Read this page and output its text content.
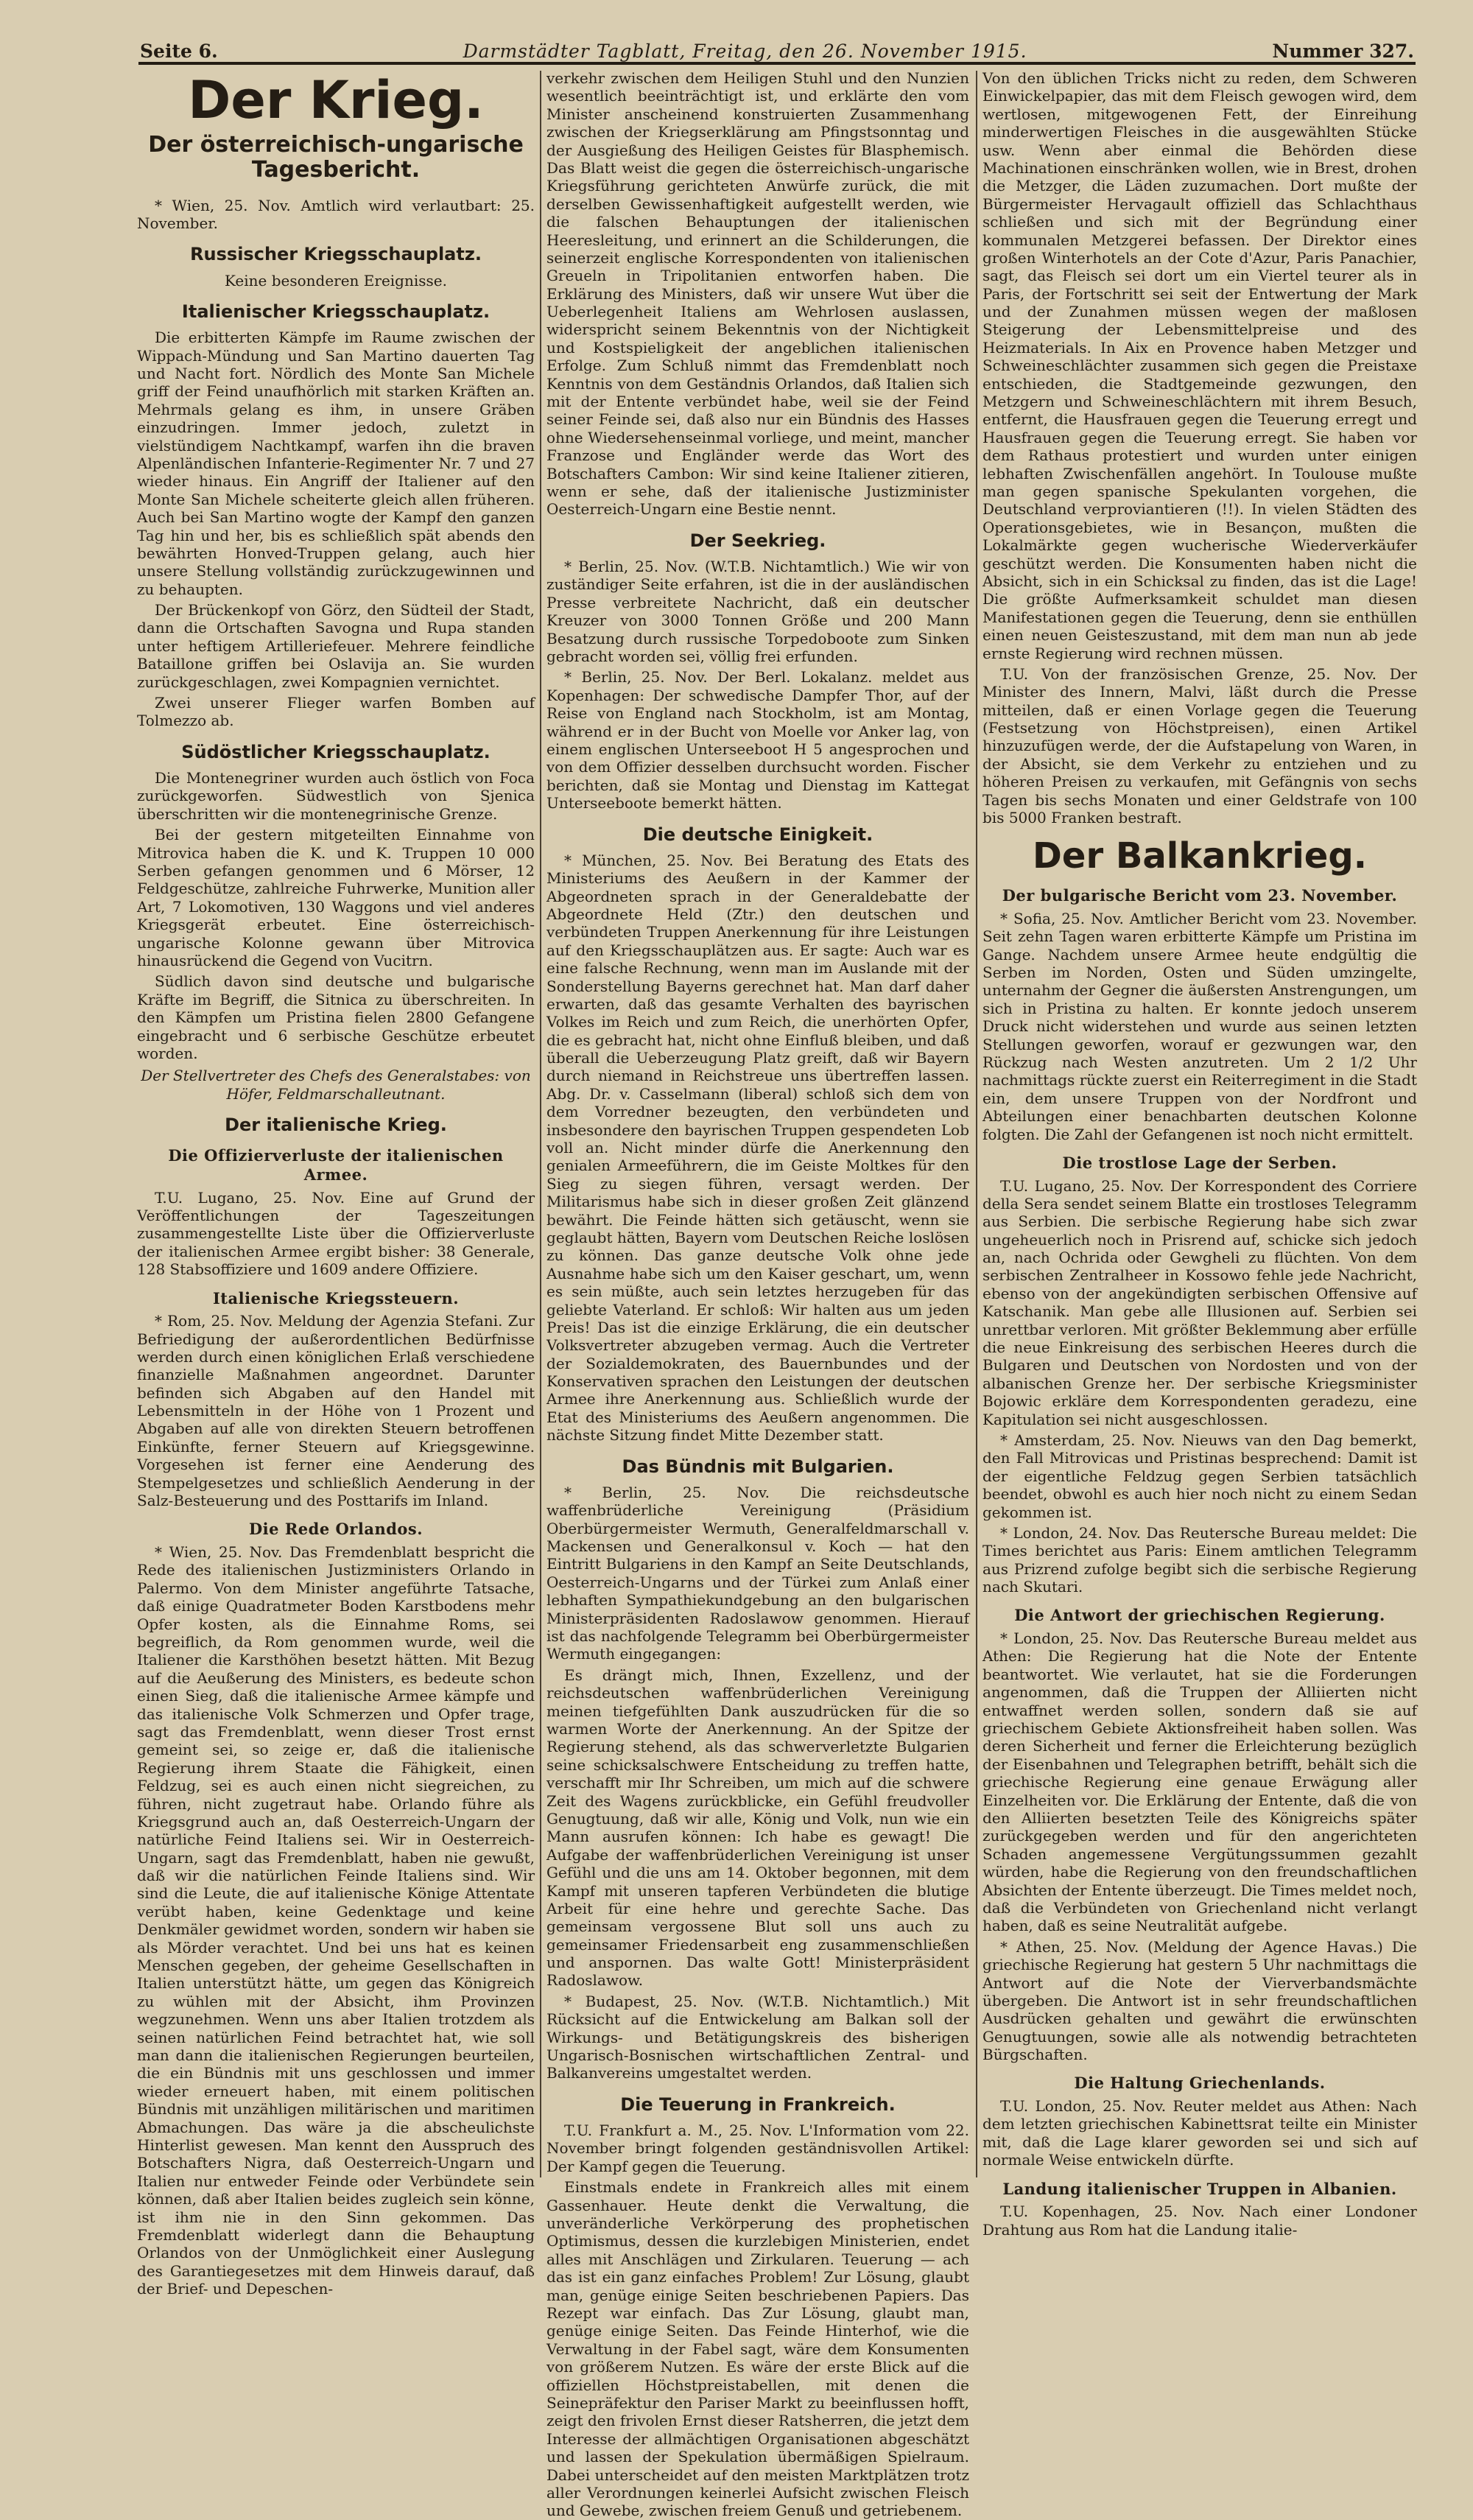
Seite 6.	Darmstädter Tagblatt, Freitag, den 26. November 1915.	Nummer 327.
Der Krieg.
Der österreichisch-ungarische Tagesbericht.

* Wien, 25. Nov. Amtlich wird verlautbart: 25. November.

Russischer Kriegsschauplatz.
Keine besonderen Ereignisse.
Italienischer Kriegsschauplatz.

Die erbitterten Kämpfe im Raume zwischen der Wippach-Mündung und San Martino dauerten Tag und Nacht fort. Nördlich des Monte San Michele griff der Feind unaufhörlich mit starken Kräften an. Mehrmals gelang es ihm, in unsere Gräben einzudringen. Immer jedoch, zuletzt in vielstündigem Nachtkampf, warfen ihn die braven Alpenländischen Infanterie-Regimenter Nr. 7 und 27 wieder hinaus. Ein Angriff der Italiener auf den Monte San Michele scheiterte gleich allen früheren. Auch bei San Martino wogte der Kampf den ganzen Tag hin und her, bis es schließlich spät abends den bewährten Honved-Truppen gelang, auch hier unsere Stellung vollständig zurückzugewinnen und zu behaupten.

Der Brückenkopf von Görz, den Südteil der Stadt, dann die Ortschaften Savogna und Rupa standen unter heftigem Artilleriefeuer. Mehrere feindliche Bataillone griffen bei Oslavija an. Sie wurden zurückgeschlagen, zwei Kompagnien vernichtet.

Zwei unserer Flieger warfen Bomben auf Tolmezzo ab.

Südöstlicher Kriegsschauplatz.

Die Montenegriner wurden auch östlich von Foca zurückgeworfen. Südwestlich von Sjenica überschritten wir die montenegrinische Grenze.

Bei der gestern mitgeteilten Einnahme von Mitrovica haben die K. und K. Truppen 10 000 Serben gefangen genommen und 6 Mörser, 12 Feldgeschütze, zahlreiche Fuhrwerke, Munition aller Art, 7 Lokomotiven, 130 Waggons und viel anderes Kriegsgerät erbeutet. Eine österreichisch-ungarische Kolonne gewann über Mitrovica hinausrückend die Gegend von Vucitrn.

Südlich davon sind deutsche und bulgarische Kräfte im Begriff, die Sitnica zu überschreiten. In den Kämpfen um Pristina fielen 2800 Gefangene eingebracht und 6 serbische Geschütze erbeutet worden.

Der Stellvertreter des Chefs des Generalstabes: von Höfer, Feldmarschalleutnant.

Der italienische Krieg.
Die Offizierverluste der italienischen Armee.

T.U. Lugano, 25. Nov. Eine auf Grund der Veröffentlichungen der Tageszeitungen zusammengestellte Liste über die Offizierverluste der italienischen Armee ergibt bisher: 38 Generale, 128 Stabsoffiziere und 1609 andere Offiziere.

Italienische Kriegssteuern.

* Rom, 25. Nov. Meldung der Agenzia Stefani. Zur Befriedigung der außerordentlichen Bedürfnisse werden durch einen königlichen Erlaß verschiedene finanzielle Maßnahmen angeordnet. Darunter befinden sich Abgaben auf den Handel mit Lebensmitteln in der Höhe von 1 Prozent und Abgaben auf alle von direkten Steuern betroffenen Einkünfte, ferner Steuern auf Kriegsgewinne. Vorgesehen ist ferner eine Aenderung des Stempelgesetzes und schließlich Aenderung in der Salz-Besteuerung und des Posttarifs im Inland.

Die Rede Orlandos.

* Wien, 25. Nov. Das Fremdenblatt bespricht die Rede des italienischen Justizministers Orlando in Palermo. Von dem Minister angeführte Tatsache, daß einige Quadratmeter Boden Karstbodens mehr Opfer kosten, als die Einnahme Roms, sei begreiflich, da Rom genommen wurde, weil die Italiener die Karsthöhen besetzt hätten. Mit Bezug auf die Aeußerung des Ministers, es bedeute schon einen Sieg, daß die italienische Armee kämpfe und das italienische Volk Schmerzen und Opfer trage, sagt das Fremdenblatt, wenn dieser Trost ernst gemeint sei, so zeige er, daß die italienische Regierung ihrem Staate die Fähigkeit, einen Feldzug, sei es auch einen nicht siegreichen, zu führen, nicht zugetraut habe. Orlando führe als Kriegsgrund auch an, daß Oesterreich-Ungarn der natürliche Feind Italiens sei. Wir in Oesterreich-Ungarn, sagt das Fremdenblatt, haben nie gewußt, daß wir die natürlichen Feinde Italiens sind. Wir sind die Leute, die auf italienische Könige Attentate verübt haben, keine Gedenktage und keine Denkmäler gewidmet worden, sondern wir haben sie als Mörder verachtet. Und bei uns hat es keinen Menschen gegeben, der geheime Gesellschaften in Italien unterstützt hätte, um gegen das Königreich zu wühlen mit der Absicht, ihm Provinzen wegzunehmen. Wenn uns aber Italien trotzdem als seinen natürlichen Feind betrachtet hat, wie soll man dann die italienischen Regierungen beurteilen, die ein Bündnis mit uns geschlossen und immer wieder erneuert haben, mit einem politischen Bündnis mit unzähligen militärischen und maritimen Abmachungen. Das wäre ja die abscheulichste Hinterlist gewesen. Man kennt den Ausspruch des Botschafters Nigra, daß Oesterreich-Ungarn und Italien nur entweder Feinde oder Verbündete sein können, daß aber Italien beides zugleich sein könne, ist ihm nie in den Sinn gekommen. Das Fremdenblatt widerlegt dann die Behauptung Orlandos von der Unmöglichkeit einer Auslegung des Garantiegesetzes mit dem Hinweis darauf, daß der Brief- und Depeschen-

verkehr zwischen dem Heiligen Stuhl und den Nunzien wesentlich beeinträchtigt ist, und erklärte den vom Minister anscheinend konstruierten Zusammenhang zwischen der Kriegserklärung am Pfingstsonntag und der Ausgießung des Heiligen Geistes für Blasphemisch. Das Blatt weist die gegen die österreichisch-ungarische Kriegsführung gerichteten Anwürfe zurück, die mit derselben Gewissenhaftigkeit aufgestellt werden, wie die falschen Behauptungen der italienischen Heeresleitung, und erinnert an die Schilderungen, die seinerzeit englische Korrespondenten von italienischen Greueln in Tripolitanien entworfen haben. Die Erklärung des Ministers, daß wir unsere Wut über die Ueberlegenheit Italiens am Wehrlosen auslassen, widerspricht seinem Bekenntnis von der Nichtigkeit und Kostspieligkeit der angeblichen italienischen Erfolge. Zum Schluß nimmt das Fremdenblatt noch Kenntnis von dem Geständnis Orlandos, daß Italien sich mit der Entente verbündet habe, weil sie der Feind seiner Feinde sei, daß also nur ein Bündnis des Hasses ohne Wiedersehenseinmal vorliege, und meint, mancher Franzose und Engländer werde das Wort des Botschafters Cambon: Wir sind keine Italiener zitieren, wenn er sehe, daß der italienische Justizminister Oesterreich-Ungarn eine Bestie nennt.

Der Seekrieg.

* Berlin, 25. Nov. (W.T.B. Nichtamtlich.) Wie wir von zuständiger Seite erfahren, ist die in der ausländischen Presse verbreitete Nachricht, daß ein deutscher Kreuzer von 3000 Tonnen Größe und 200 Mann Besatzung durch russische Torpedoboote zum Sinken gebracht worden sei, völlig frei erfunden.

* Berlin, 25. Nov. Der Berl. Lokalanz. meldet aus Kopenhagen: Der schwedische Dampfer Thor, auf der Reise von England nach Stockholm, ist am Montag, während er in der Bucht von Moelle vor Anker lag, von einem englischen Unterseeboot H 5 angesprochen und von dem Offizier desselben durchsucht worden. Fischer berichten, daß sie Montag und Dienstag im Kattegat Unterseeboote bemerkt hätten.

Die deutsche Einigkeit.

* München, 25. Nov. Bei Beratung des Etats des Ministeriums des Aeußern in der Kammer der Abgeordneten sprach in der Generaldebatte der Abgeordnete Held (Ztr.) den deutschen und verbündeten Truppen Anerkennung für ihre Leistungen auf den Kriegsschauplätzen aus. Er sagte: Auch war es eine falsche Rechnung, wenn man im Auslande mit der Sonderstellung Bayerns gerechnet hat. Man darf daher erwarten, daß das gesamte Verhalten des bayrischen Volkes im Reich und zum Reich, die unerhörten Opfer, die es gebracht hat, nicht ohne Einfluß bleiben, und daß überall die Ueberzeugung Platz greift, daß wir Bayern durch niemand in Reichstreue uns übertreffen lassen. Abg. Dr. v. Casselmann (liberal) schloß sich dem von dem Vorredner bezeugten, den verbündeten und insbesondere den bayrischen Truppen gespendeten Lob voll an. Nicht minder dürfe die Anerkennung den genialen Armeeführern, die im Geiste Moltkes für den Sieg zu siegen führen, versagt werden. Der Militarismus habe sich in dieser großen Zeit glänzend bewährt. Die Feinde hätten sich getäuscht, wenn sie geglaubt hätten, Bayern vom Deutschen Reiche loslösen zu können. Das ganze deutsche Volk ohne jede Ausnahme habe sich um den Kaiser geschart, um, wenn es sein müßte, auch sein letztes herzugeben für das geliebte Vaterland. Er schloß: Wir halten aus um jeden Preis! Das ist die einzige Erklärung, die ein deutscher Volksvertreter abzugeben vermag. Auch die Vertreter der Sozialdemokraten, des Bauernbundes und der Konservativen sprachen den Leistungen der deutschen Armee ihre Anerkennung aus. Schließlich wurde der Etat des Ministeriums des Aeußern angenommen. Die nächste Sitzung findet Mitte Dezember statt.

Das Bündnis mit Bulgarien.

* Berlin, 25. Nov. Die reichsdeutsche waffenbrüderliche Vereinigung (Präsidium Oberbürgermeister Wermuth, Generalfeldmarschall v. Mackensen und Generalkonsul v. Koch — hat den Eintritt Bulgariens in den Kampf an Seite Deutschlands, Oesterreich-Ungarns und der Türkei zum Anlaß einer lebhaften Sympathiekundgebung an den bulgarischen Ministerpräsidenten Radoslawow genommen. Hierauf ist das nachfolgende Telegramm bei Oberbürgermeister Wermuth eingegangen:

Es drängt mich, Ihnen, Exzellenz, und der reichsdeutschen waffenbrüderlichen Vereinigung meinen tiefgefühlten Dank auszudrücken für die so warmen Worte der Anerkennung. An der Spitze der Regierung stehend, als das schwerverletzte Bulgarien seine schicksalschwere Entscheidung zu treffen hatte, verschafft mir Ihr Schreiben, um mich auf die schwere Zeit des Wagens zurückblicke, ein Gefühl freudvoller Genugtuung, daß wir alle, König und Volk, nun wie ein Mann ausrufen können: Ich habe es gewagt! Die Aufgabe der waffenbrüderlichen Vereinigung ist unser Gefühl und die uns am 14. Oktober begonnen, mit dem Kampf mit unseren tapferen Verbündeten die blutige Arbeit für eine hehre und gerechte Sache. Das gemeinsam vergossene Blut soll uns auch zu gemeinsamer Friedensarbeit eng zusammenschließen und anspornen. Das walte Gott! Ministerpräsident Radoslawow.

* Budapest, 25. Nov. (W.T.B. Nichtamtlich.) Mit Rücksicht auf die Entwickelung am Balkan soll der Wirkungs- und Betätigungskreis des bisherigen Ungarisch-Bosnischen wirtschaftlichen Zentral- und Balkanvereins umgestaltet werden.

Die Teuerung in Frankreich.

T.U. Frankfurt a. M., 25. Nov. L'Information vom 22. November bringt folgenden geständnisvollen Artikel: Der Kampf gegen die Teuerung.

Einstmals endete in Frankreich alles mit einem Gassenhauer. Heute denkt die Verwaltung, die unveränderliche Verkörperung des prophetischen Optimismus, dessen die kurzlebigen Ministerien, endet alles mit Anschlägen und Zirkularen. Teuerung — ach das ist ein ganz einfaches Problem! Zur Lösung, glaubt man, genüge einige Seiten beschriebenen Papiers. Das Rezept war einfach. Das Zur Lösung, glaubt man, genüge einige Seiten. Das Feinde Hinterhof, wie die Verwaltung in der Fabel sagt, wäre dem Konsumenten von größerem Nutzen. Es wäre der erste Blick auf die offiziellen Höchstpreistabellen, mit denen die Seinepräfektur den Pariser Markt zu beeinflussen hofft, zeigt den frivolen Ernst dieser Ratsherren, die jetzt dem Interesse der allmächtigen Organisationen abgeschätzt und lassen der Spekulation übermäßigen Spielraum. Dabei unterscheidet auf den meisten Marktplätzen trotz aller Verordnungen keinerlei Aufsicht zwischen Fleisch und Gewebe, zwischen freiem Genuß und getriebenem.

Von den üblichen Tricks nicht zu reden, dem Schweren Einwickelpapier, das mit dem Fleisch gewogen wird, dem wertlosen, mitgewogenen Fett, der Einreihung minderwertigen Fleisches in die ausgewählten Stücke usw. Wenn aber einmal die Behörden diese Machinationen einschränken wollen, wie in Brest, drohen die Metzger, die Läden zuzumachen. Dort mußte der Bürgermeister Hervagault offiziell das Schlachthaus schließen und sich mit der Begründung einer kommunalen Metzgerei befassen. Der Direktor eines großen Winterhotels an der Cote d'Azur, Paris Panachier, sagt, das Fleisch sei dort um ein Viertel teurer als in Paris, der Fortschritt sei seit der Entwertung der Mark und der Zunahmen müssen wegen der maßlosen Steigerung der Lebensmittelpreise und des Heizmaterials. In Aix en Provence haben Metzger und Schweineschlächter zusammen sich gegen die Preistaxe entschieden, die Stadtgemeinde gezwungen, den Metzgern und Schweineschlächtern mit ihrem Besuch, entfernt, die Hausfrauen gegen die Teuerung erregt und Hausfrauen gegen die Teuerung erregt. Sie haben vor dem Rathaus protestiert und wurden unter einigen lebhaften Zwischenfällen angehört. In Toulouse mußte man gegen spanische Spekulanten vorgehen, die Deutschland verproviantieren (!!). In vielen Städten des Operationsgebietes, wie in Besançon, mußten die Lokalmärkte gegen wucherische Wiederverkäufer geschützt werden. Die Konsumenten haben nicht die Absicht, sich in ein Schicksal zu finden, das ist die Lage! Die größte Aufmerksamkeit schuldet man diesen Manifestationen gegen die Teuerung, denn sie enthüllen einen neuen Geisteszustand, mit dem man nun ab jede ernste Regierung wird rechnen müssen.

T.U. Von der französischen Grenze, 25. Nov. Der Minister des Innern, Malvi, läßt durch die Presse mitteilen, daß er einen Vorlage gegen die Teuerung (Festsetzung von Höchstpreisen), einen Artikel hinzuzufügen werde, der die Aufstapelung von Waren, in der Absicht, sie dem Verkehr zu entziehen und zu höheren Preisen zu verkaufen, mit Gefängnis von sechs Tagen bis sechs Monaten und einer Geldstrafe von 100 bis 5000 Franken bestraft.

Der Balkankrieg.
Der bulgarische Bericht vom 23. November.

* Sofia, 25. Nov. Amtlicher Bericht vom 23. November. Seit zehn Tagen waren erbitterte Kämpfe um Pristina im Gange. Nachdem unsere Armee heute endgültig die Serben im Norden, Osten und Süden umzingelte, unternahm der Gegner die äußersten Anstrengungen, um sich in Pristina zu halten. Er konnte jedoch unserem Druck nicht widerstehen und wurde aus seinen letzten Stellungen geworfen, worauf er gezwungen war, den Rückzug nach Westen anzutreten. Um 2 1/2 Uhr nachmittags rückte zuerst ein Reiterregiment in die Stadt ein, dem unsere Truppen von der Nordfront und Abteilungen einer benachbarten deutschen Kolonne folgten. Die Zahl der Gefangenen ist noch nicht ermittelt.

Die trostlose Lage der Serben.

T.U. Lugano, 25. Nov. Der Korrespondent des Corriere della Sera sendet seinem Blatte ein trostloses Telegramm aus Serbien. Die serbische Regierung habe sich zwar ungeheuerlich noch in Prisrend auf, schicke sich jedoch an, nach Ochrida oder Gewgheli zu flüchten. Von dem serbischen Zentralheer in Kossowo fehle jede Nachricht, ebenso von der angekündigten serbischen Offensive auf Katschanik. Man gebe alle Illusionen auf. Serbien sei unrettbar verloren. Mit größter Beklemmung aber erfülle die neue Einkreisung des serbischen Heeres durch die Bulgaren und Deutschen von Nordosten und von der albanischen Grenze her. Der serbische Kriegsminister Bojowic erkläre dem Korrespondenten geradezu, eine Kapitulation sei nicht ausgeschlossen.

* Amsterdam, 25. Nov. Nieuws van den Dag bemerkt, den Fall Mitrovicas und Pristinas besprechend: Damit ist der eigentliche Feldzug gegen Serbien tatsächlich beendet, obwohl es auch hier noch nicht zu einem Sedan gekommen ist.

* London, 24. Nov. Das Reutersche Bureau meldet: Die Times berichtet aus Paris: Einem amtlichen Telegramm aus Prizrend zufolge begibt sich die serbische Regierung nach Skutari.

Die Antwort der griechischen Regierung.

* London, 25. Nov. Das Reutersche Bureau meldet aus Athen: Die Regierung hat die Note der Entente beantwortet. Wie verlautet, hat sie die Forderungen angenommen, daß die Truppen der Alliierten nicht entwaffnet werden sollen, sondern daß sie auf griechischem Gebiete Aktionsfreiheit haben sollen. Was deren Sicherheit und ferner die Erleichterung bezüglich der Eisenbahnen und Telegraphen betrifft, behält sich die griechische Regierung eine genaue Erwägung aller Einzelheiten vor. Die Erklärung der Entente, daß die von den Alliierten besetzten Teile des Königreichs später zurückgegeben werden und für den angerichteten Schaden angemessene Vergütungssummen gezahlt würden, habe die Regierung von den freundschaftlichen Absichten der Entente überzeugt. Die Times meldet noch, daß die Verbündeten von Griechenland nicht verlangt haben, daß es seine Neutralität aufgebe.

* Athen, 25. Nov. (Meldung der Agence Havas.) Die griechische Regierung hat gestern 5 Uhr nachmittags die Antwort auf die Note der Vierverbandsmächte übergeben. Die Antwort ist in sehr freundschaftlichen Ausdrücken gehalten und gewährt die erwünschten Genugtuungen, sowie alle als notwendig betrachteten Bürgschaften.

Die Haltung Griechenlands.

T.U. London, 25. Nov. Reuter meldet aus Athen: Nach dem letzten griechischen Kabinettsrat teilte ein Minister mit, daß die Lage klarer geworden sei und sich auf normale Weise entwickeln dürfte.

Landung italienischer Truppen in Albanien.

T.U. Kopenhagen, 25. Nov. Nach einer Londoner Drahtung aus Rom hat die Landung italie-
